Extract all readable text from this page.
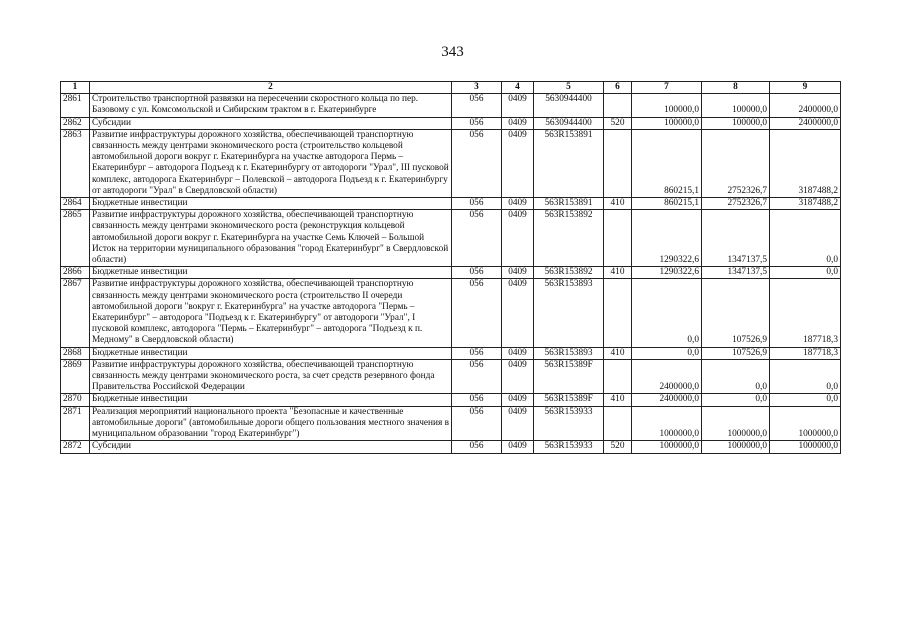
343
1	2	3	4	5	6	7	8	9
2861	Строительство транспортной развязки на пересечении скоростного кольца по пер. Базовому с ул. Комсомольской и Сибирским трактом в г. Екатеринбурге	056	0409	5630944400		100000,0	100000,0	2400000,0
2862	Субсидии	056	0409	5630944400	520	100000,0	100000,0	2400000,0
2863	Развитие инфраструктуры дорожного хозяйства, обеспечивающей транспортную связанность между центрами экономического роста (строительство кольцевой автомобильной дороги вокруг г. Екатеринбурга на участке автодорога Пермь – Екатеринбург – автодорога Подъезд к г. Екатеринбургу от автодороги "Урал", III пусковой комплекс, автодорога Екатеринбург – Полевской – автодорога Подъезд к г. Екатеринбургу от автодороги "Урал" в Свердловской области)	056	0409	563R153891		860215,1	2752326,7	3187488,2
2864	Бюджетные инвестиции	056	0409	563R153891	410	860215,1	2752326,7	3187488,2
2865	Развитие инфраструктуры дорожного хозяйства, обеспечивающей транспортную связанность между центрами экономического роста (реконструкция кольцевой автомобильной дороги вокруг г. Екатеринбурга на участке Семь Ключей – Большой Исток на территории муниципального образования "город Екатеринбург" в Свердловской области)	056	0409	563R153892		1290322,6	1347137,5	0,0
2866	Бюджетные инвестиции	056	0409	563R153892	410	1290322,6	1347137,5	0,0
2867	Развитие инфраструктуры дорожного хозяйства, обеспечивающей транспортную связанность между центрами экономического роста (строительство II очереди автомобильной дороги "вокруг г. Екатеринбурга" на участке автодорога "Пермь – Екатеринбург" – автодорога "Подъезд к г. Екатеринбургу" от автодороги "Урал", I пусковой комплекс, автодорога "Пермь – Екатеринбург" – автодорога "Подъезд к п. Медному" в Свердловской области)	056	0409	563R153893		0,0	107526,9	187718,3
2868	Бюджетные инвестиции	056	0409	563R153893	410	0,0	107526,9	187718,3
2869	Развитие инфраструктуры дорожного хозяйства, обеспечивающей транспортную связанность между центрами экономического роста, за счет средств резервного фонда Правительства Российской Федерации	056	0409	563R15389F		2400000,0	0,0	0,0
2870	Бюджетные инвестиции	056	0409	563R15389F	410	2400000,0	0,0	0,0
2871	Реализация мероприятий национального проекта "Безопасные и качественные автомобильные дороги" (автомобильные дороги общего пользования местного значения в муниципальном образовании "город Екатеринбург")	056	0409	563R153933		1000000,0	1000000,0	1000000,0
2872	Субсидии	056	0409	563R153933	520	1000000,0	1000000,0	1000000,0
